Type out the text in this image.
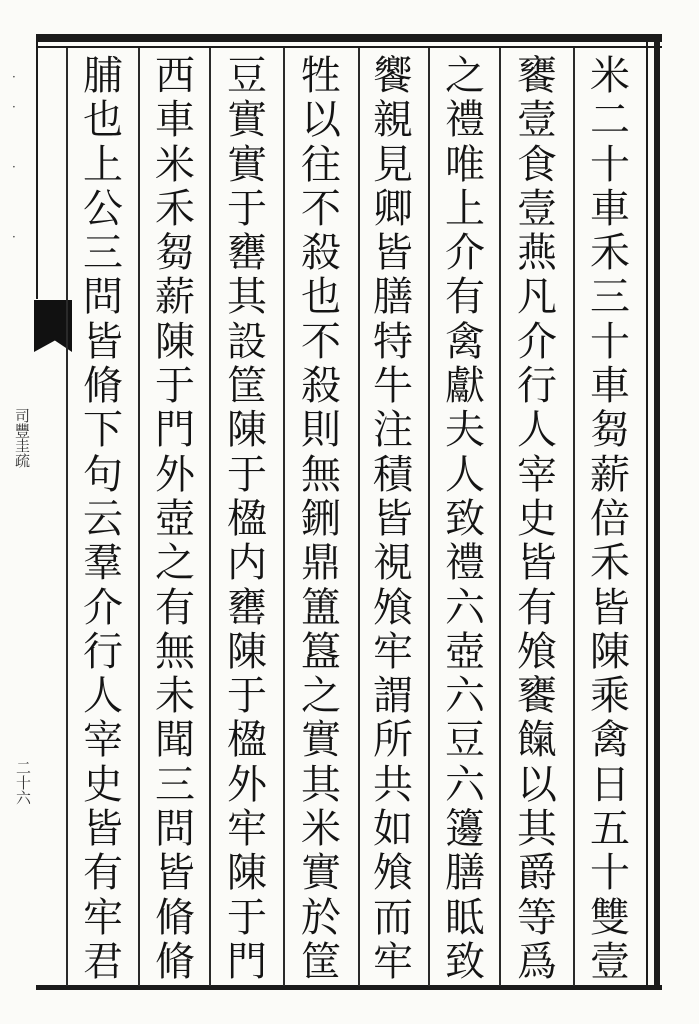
·
·
·
·
司豐圭疏
二十六
米
二
十
車
禾
三
十
車
芻
薪
倍
禾
皆
陳
乘
禽
日
五
十
雙
壹
饔
壹
食
壹
燕
凡
介
行
人
宰
史
皆
有
飧
饔
餼
以
其
爵
等
爲
之
禮
唯
上
介
有
禽
獻
夫
人
致
禮
六
壺
六
豆
六
籩
膳
眡
致
饗
親
見
卿
皆
膳
特
牛
注
積
皆
視
飧
牢
謂
所
共
如
飧
而
牢
牲
以
往
不
殺
也
不
殺
則
無
鉶
鼎
簠
簋
之
實
其
米
實
於
筐
豆
實
實
于
罋
其
設
筐
陳
于
楹
内
罋
陳
于
楹
外
牢
陳
于
門
西
車
米
禾
芻
薪
陳
于
門
外
壺
之
有
無
未
聞
三
問
皆
脩
脩
脯
也
上
公
三
問
皆
脩
下
句
云
羣
介
行
人
宰
史
皆
有
牢
君
